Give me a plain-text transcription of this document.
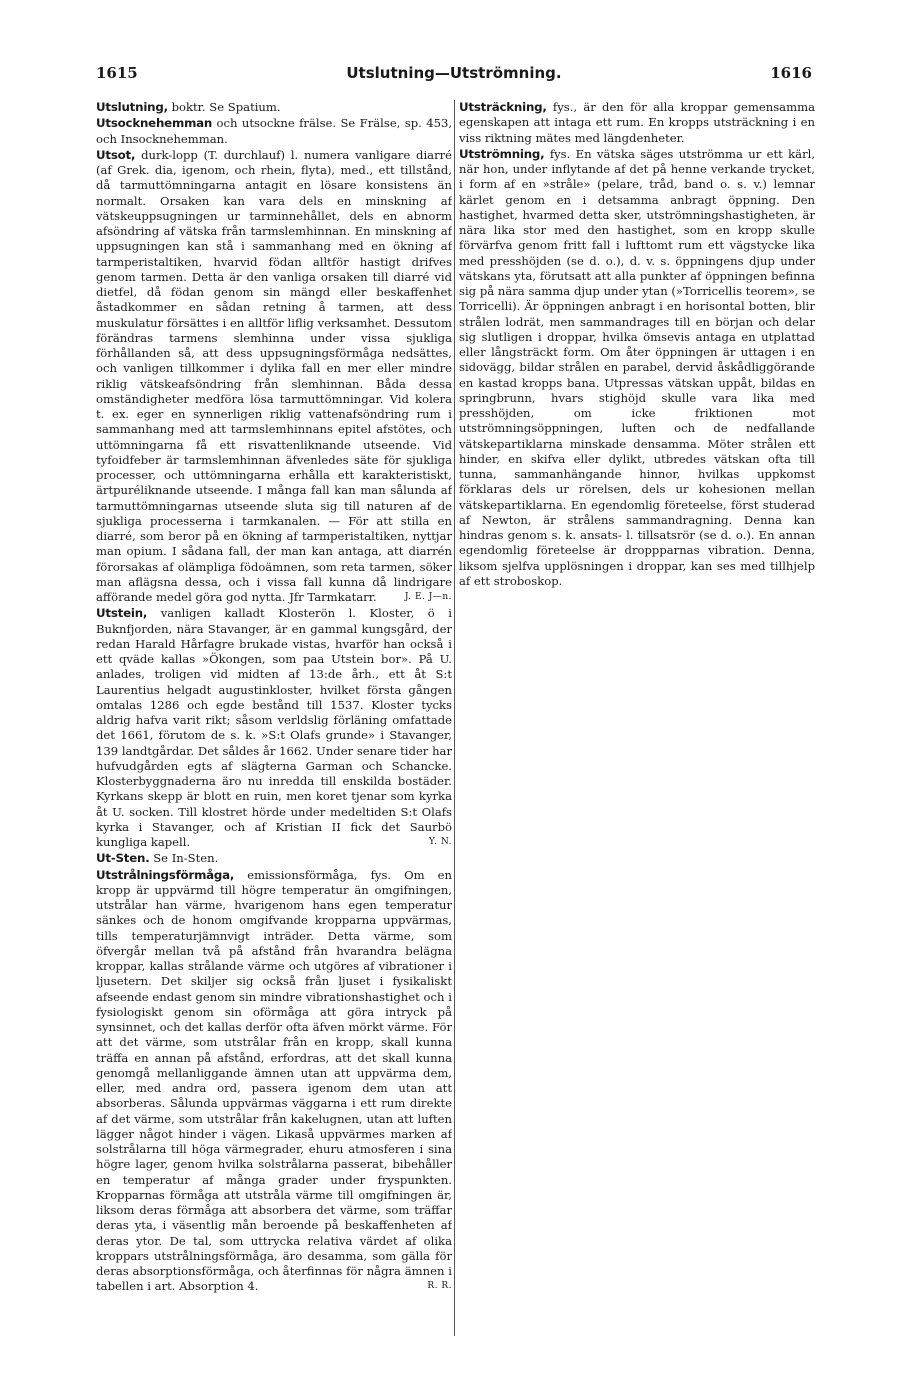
1615	Utslutning—Utströmning.	1616

Utslutning, boktr. Se Spatium.

Utsocknehemman och utsockne frälse. Se Frälse, sp. 453, och Insocknehemman.

Utsot, durk-lopp (T. durchlauf) l. numera vanligare diarré (af Grek. dia, igenom, och rhein, flyta), med., ett tillstånd, då tarmuttömningarna antagit en lösare konsistens än normalt. Orsaken kan vara dels en minskning af vätskeuppsugningen ur tarminnehållet, dels en abnorm afsöndring af vätska från tarmslemhinnan. En minskning af uppsugningen kan stå i sammanhang med en ökning af tarmperistaltiken, hvarvid födan alltför hastigt drifves genom tarmen. Detta är den vanliga orsaken till diarré vid dietfel, då födan genom sin mängd eller beskaffenhet åstadkommer en sådan retning å tarmen, att dess muskulatur försättes i en alltför liflig verksamhet. Dessutom förändras tarmens slemhinna under vissa sjukliga förhållanden så, att dess uppsugningsförmåga nedsättes, och vanligen tillkommer i dylika fall en mer eller mindre riklig vätskeafsöndring från slemhinnan. Båda dessa omständigheter medföra lösa tarmuttömningar. Vid kolera t. ex. eger en synnerligen riklig vattenafsöndring rum i sammanhang med att tarmslemhinnans epitel afstötes, och uttömningarna få ett risvattenliknande utseende. Vid tyfoidfeber är tarmslemhinnan äfvenledes säte för sjukliga processer, och uttömningarna erhålla ett karakteristiskt, ärtpuréliknande utseende. I många fall kan man sålunda af tarmuttömningarnas utseende sluta sig till naturen af de sjukliga processerna i tarmkanalen. — För att stilla en diarré, som beror på en ökning af tarmperistaltiken, nyttjar man opium. I sådana fall, der man kan antaga, att diarrén förorsakas af olämpliga födoämnen, som reta tarmen, söker man aflägsna dessa, och i vissa fall kunna då lindrigare afförande medel göra god nytta. Jfr Tarmkatarr.	J. E. J—n.

Utstein, vanligen kalladt Klosterön l. Kloster, ö i Buknfjorden, nära Stavanger, är en gammal kungsgård, der redan Harald Hårfagre brukade vistas, hvarför han också i ett qväde kallas »Ökongen, som paa Utstein bor». På U. anlades, troligen vid midten af 13:de årh., ett åt S:t Laurentius helgadt augustinkloster, hvilket första gången omtalas 1286 och egde bestånd till 1537. Kloster tycks aldrig hafva varit rikt; såsom verldslig förläning omfattade det 1661, förutom de s. k. »S:t Olafs grunde» i Stavanger, 139 landtgårdar. Det såldes år 1662. Under senare tider har hufvudgården egts af slägterna Garman och Schancke. Klosterbyggnaderna äro nu inredda till enskilda bostäder. Kyrkans skepp är blott en ruin, men koret tjenar som kyrka åt U. socken. Till klostret hörde under medeltiden S:t Olafs kyrka i Stavanger, och af Kristian II fick det Saurbö kungliga kapell.	Y. N.

Ut-Sten. Se In-Sten.

Utstrålningsförmåga, emissionsförmåga, fys. Om en kropp är uppvärmd till högre temperatur än omgifningen, utstrålar han värme, hvarigenom hans egen temperatur sänkes och de honom omgifvande kropparna uppvärmas, tills temperaturjämnvigt inträder. Detta värme, som öfvergår mellan två på afstånd från hvarandra belägna kroppar, kallas strålande värme och utgöres af vibrationer i ljusetern. Det skiljer sig också från ljuset i fysikaliskt afseende endast genom sin mindre vibrationshastighet och i fysiologiskt genom sin oförmåga att göra intryck på synsinnet, och det kallas derför ofta äfven mörkt värme. För att det värme, som utstrålar från en kropp, skall kunna träffa en annan på afstånd, erfordras, att det skall kunna genomgå mellanliggande ämnen utan att uppvärma dem, eller, med andra ord, passera igenom dem utan att absorberas. Sålunda uppvärmas väggarna i ett rum direkte af det värme, som utstrålar från kakelugnen, utan att luften lägger något hinder i vägen. Likaså uppvärmes marken af solstrålarna till höga värmegrader, ehuru atmosferen i sina högre lager, genom hvilka solstrålarna passerat, bibehåller en temperatur af många grader under fryspunkten. Kropparnas förmåga att utstråla värme till omgifningen är, liksom deras förmåga att absorbera det värme, som träffar deras yta, i väsentlig mån beroende på beskaffenheten af deras ytor. De tal, som uttrycka relativa värdet af olika kroppars utstrålningsförmåga, äro desamma, som gälla för deras absorptionsförmåga, och återfinnas för några ämnen i tabellen i art. Absorption 4.	R. R.

Utsträckning, fys., är den för alla kroppar gemensamma egenskapen att intaga ett rum. En kropps utsträckning i en viss riktning mätes med längdenheter.

Utströmning, fys. En vätska säges utströmma ur ett kärl, när hon, under inflytande af det på henne verkande trycket, i form af en »stråle» (pelare, tråd, band o. s. v.) lemnar kärlet genom en i detsamma anbragt öppning. Den hastighet, hvarmed detta sker, utströmningshastigheten, är nära lika stor med den hastighet, som en kropp skulle förvärfva genom fritt fall i lufttomt rum ett vägstycke lika med presshöjden (se d. o.), d. v. s. öppningens djup under vätskans yta, förutsatt att alla punkter af öppningen befinna sig på nära samma djup under ytan (»Torricellis teorem», se Torricelli). Är öppningen anbragt i en horisontal botten, blir strålen lodrät, men sammandrages till en början och delar sig slutligen i droppar, hvilka ömsevis antaga en utplattad eller långsträckt form. Om åter öppningen är uttagen i en sidovägg, bildar strålen en parabel, dervid åskådliggörande en kastad kropps bana. Utpressas vätskan uppåt, bildas en springbrunn, hvars stighöjd skulle vara lika med presshöjden, om icke friktionen mot utströmningsöppningen, luften och de nedfallande vätskepartiklarna minskade densamma. Möter strålen ett hinder, en skifva eller dylikt, utbredes vätskan ofta till tunna, sammanhängande hinnor, hvilkas uppkomst förklaras dels ur rörelsen, dels ur kohesionen mellan vätskepartiklarna. En egendomlig företeelse, först studerad af Newton, är strålens sammandragning. Denna kan hindras genom s. k. ansats- l. tillsatsrör (se d. o.). En annan egendomlig företeelse är droppparnas vibration. Denna, liksom sjelfva upplösningen i droppar, kan ses med tillhjelp af ett stroboskop.
